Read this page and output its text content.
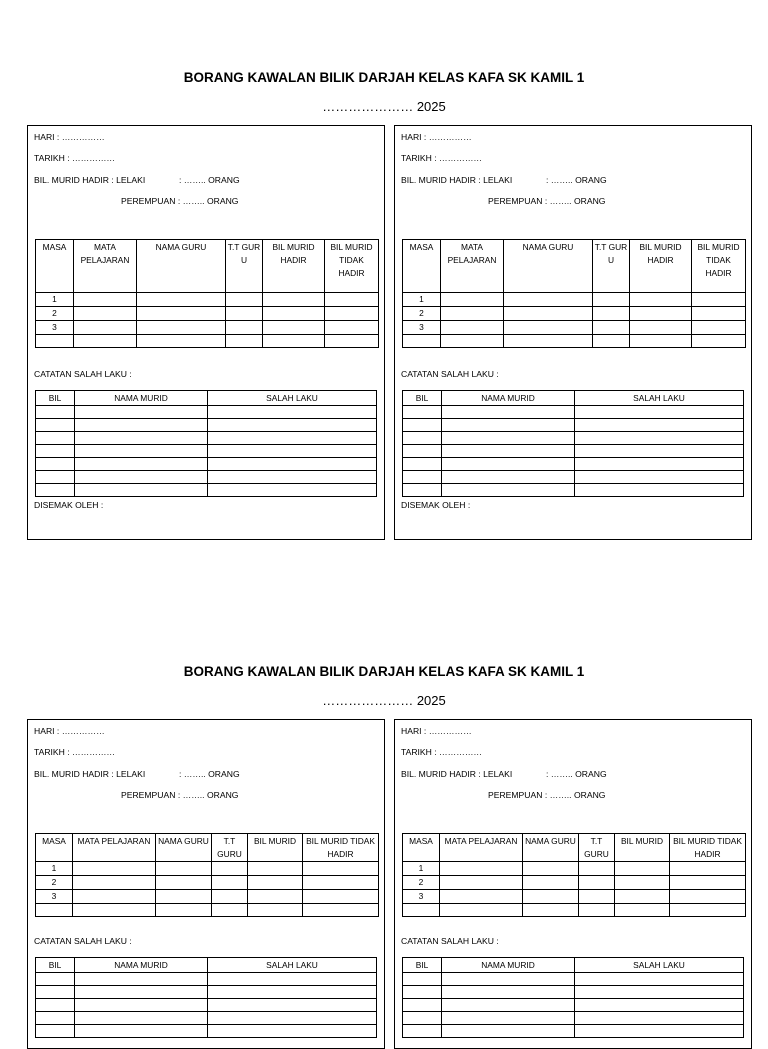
BORANG KAWALAN BILIK DARJAH KELAS KAFA SK KAMIL 1
………………… 2025
HARI : ……………
TARIKH : ……………
BIL. MURID HADIR : LELAKI	: …….. ORANG
PEREMPUAN : …….. ORANG
MASA	MATA PELAJARAN	NAMA GURU	T.T GUR U	BIL MURID HADIR	BIL MURID TIDAK HADIR
1					
2					
3					

CATATAN SALAH LAKU :
BIL	NAMA MURID	SALAH LAKU

DISEMAK OLEH :
HARI : ……………
TARIKH : ……………
BIL. MURID HADIR : LELAKI	: …….. ORANG
PEREMPUAN : …….. ORANG
MASA	MATA PELAJARAN	NAMA GURU	T.T GUR U	BIL MURID HADIR	BIL MURID TIDAK HADIR
1					
2					
3					

CATATAN SALAH LAKU :
BIL	NAMA MURID	SALAH LAKU

DISEMAK OLEH :
BORANG KAWALAN BILIK DARJAH KELAS KAFA SK KAMIL 1
………………… 2025
HARI : ……………
TARIKH : ……………
BIL. MURID HADIR : LELAKI	: …….. ORANG
PEREMPUAN : …….. ORANG
MASA	MATA PELAJARAN	NAMA GURU	T.T GURU	BIL MURID	BIL MURID TIDAK HADIR
1					
2					
3					

CATATAN SALAH LAKU :
BIL	NAMA MURID	SALAH LAKU

HARI : ……………
TARIKH : ……………
BIL. MURID HADIR : LELAKI	: …….. ORANG
PEREMPUAN : …….. ORANG
MASA	MATA PELAJARAN	NAMA GURU	T.T GURU	BIL MURID	BIL MURID TIDAK HADIR
1					
2					
3					

CATATAN SALAH LAKU :
BIL	NAMA MURID	SALAH LAKU
